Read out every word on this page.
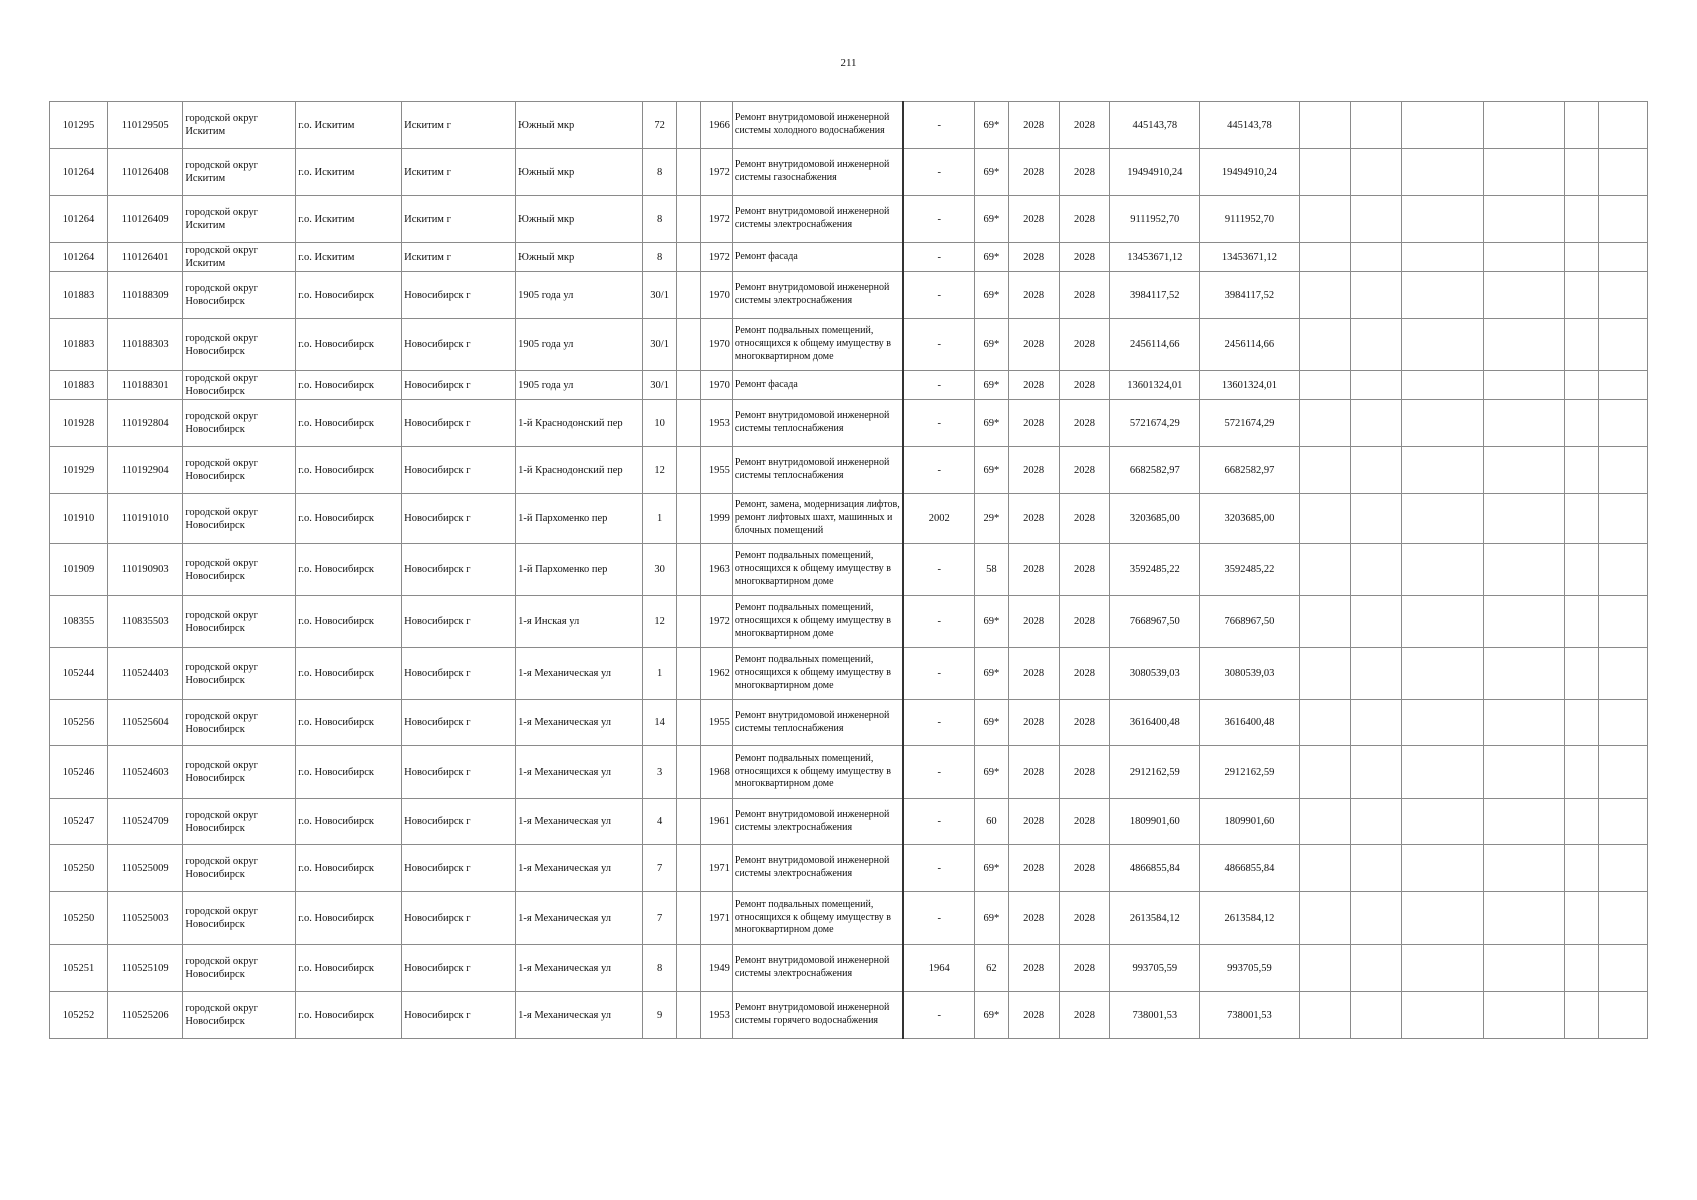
211
101295	110129505	городской округ Искитим	г.о. Искитим	Искитим г	Южный мкр	72		1966	Ремонт внутридомовой инженерной системы холодного водоснабжения	-	69*	2028	2028	445143,78	445143,78						
101264	110126408	городской округ Искитим	г.о. Искитим	Искитим г	Южный мкр	8		1972	Ремонт внутридомовой инженерной системы газоснабжения	-	69*	2028	2028	19494910,24	19494910,24						
101264	110126409	городской округ Искитим	г.о. Искитим	Искитим г	Южный мкр	8		1972	Ремонт внутридомовой инженерной системы электроснабжения	-	69*	2028	2028	9111952,70	9111952,70						
101264	110126401	городской округ Искитим	г.о. Искитим	Искитим г	Южный мкр	8		1972	Ремонт фасада	-	69*	2028	2028	13453671,12	13453671,12						
101883	110188309	городской округ Новосибирск	г.о. Новосибирск	Новосибирск г	1905 года ул	30/1		1970	Ремонт внутридомовой инженерной системы электроснабжения	-	69*	2028	2028	3984117,52	3984117,52						
101883	110188303	городской округ Новосибирск	г.о. Новосибирск	Новосибирск г	1905 года ул	30/1		1970	Ремонт подвальных помещений, относящихся к общему имуществу в многоквартирном доме	-	69*	2028	2028	2456114,66	2456114,66						
101883	110188301	городской округ Новосибирск	г.о. Новосибирск	Новосибирск г	1905 года ул	30/1		1970	Ремонт фасада	-	69*	2028	2028	13601324,01	13601324,01						
101928	110192804	городской округ Новосибирск	г.о. Новосибирск	Новосибирск г	1-й Краснодонский пер	10		1953	Ремонт внутридомовой инженерной системы теплоснабжения	-	69*	2028	2028	5721674,29	5721674,29						
101929	110192904	городской округ Новосибирск	г.о. Новосибирск	Новосибирск г	1-й Краснодонский пер	12		1955	Ремонт внутридомовой инженерной системы теплоснабжения	-	69*	2028	2028	6682582,97	6682582,97						
101910	110191010	городской округ Новосибирск	г.о. Новосибирск	Новосибирск г	1-й Пархоменко пер	1		1999	Ремонт, замена, модернизация лифтов, ремонт лифтовых шахт, машинных и блочных помещений	2002	29*	2028	2028	3203685,00	3203685,00						
101909	110190903	городской округ Новосибирск	г.о. Новосибирск	Новосибирск г	1-й Пархоменко пер	30		1963	Ремонт подвальных помещений, относящихся к общему имуществу в многоквартирном доме	-	58	2028	2028	3592485,22	3592485,22						
108355	110835503	городской округ Новосибирск	г.о. Новосибирск	Новосибирск г	1-я Инская ул	12		1972	Ремонт подвальных помещений, относящихся к общему имуществу в многоквартирном доме	-	69*	2028	2028	7668967,50	7668967,50						
105244	110524403	городской округ Новосибирск	г.о. Новосибирск	Новосибирск г	1-я Механическая ул	1		1962	Ремонт подвальных помещений, относящихся к общему имуществу в многоквартирном доме	-	69*	2028	2028	3080539,03	3080539,03						
105256	110525604	городской округ Новосибирск	г.о. Новосибирск	Новосибирск г	1-я Механическая ул	14		1955	Ремонт внутридомовой инженерной системы теплоснабжения	-	69*	2028	2028	3616400,48	3616400,48						
105246	110524603	городской округ Новосибирск	г.о. Новосибирск	Новосибирск г	1-я Механическая ул	3		1968	Ремонт подвальных помещений, относящихся к общему имуществу в многоквартирном доме	-	69*	2028	2028	2912162,59	2912162,59						
105247	110524709	городской округ Новосибирск	г.о. Новосибирск	Новосибирск г	1-я Механическая ул	4		1961	Ремонт внутридомовой инженерной системы электроснабжения	-	60	2028	2028	1809901,60	1809901,60						
105250	110525009	городской округ Новосибирск	г.о. Новосибирск	Новосибирск г	1-я Механическая ул	7		1971	Ремонт внутридомовой инженерной системы электроснабжения	-	69*	2028	2028	4866855,84	4866855,84						
105250	110525003	городской округ Новосибирск	г.о. Новосибирск	Новосибирск г	1-я Механическая ул	7		1971	Ремонт подвальных помещений, относящихся к общему имуществу в многоквартирном доме	-	69*	2028	2028	2613584,12	2613584,12						
105251	110525109	городской округ Новосибирск	г.о. Новосибирск	Новосибирск г	1-я Механическая ул	8		1949	Ремонт внутридомовой инженерной системы электроснабжения	1964	62	2028	2028	993705,59	993705,59						
105252	110525206	городской округ Новосибирск	г.о. Новосибирск	Новосибирск г	1-я Механическая ул	9		1953	Ремонт внутридомовой инженерной системы горячего водоснабжения	-	69*	2028	2028	738001,53	738001,53						
